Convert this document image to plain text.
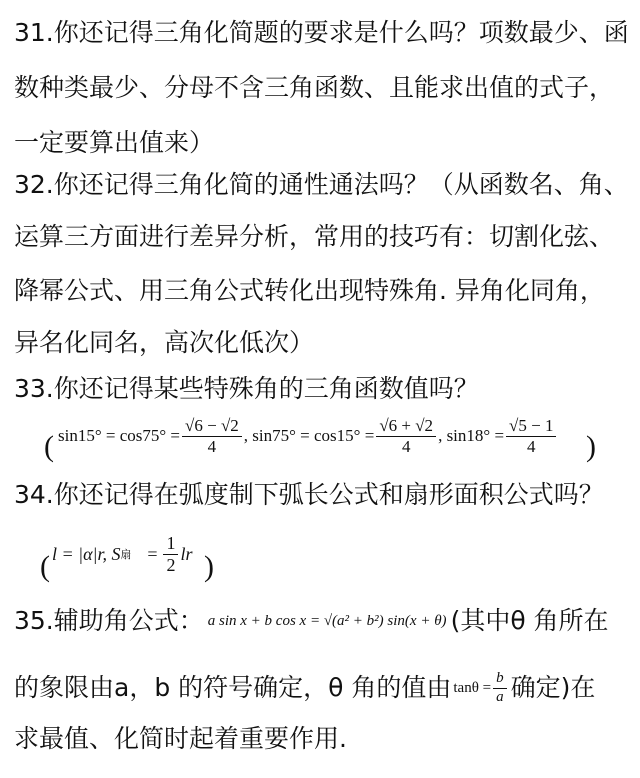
31.你还记得三角化简题的要求是什么吗？项数最少、函
数种类最少、分母不含三角函数、且能求出值的式子，
一定要算出值来）
32.你还记得三角化简的通性通法吗？（从函数名、角、
运算三方面进行差异分析，常用的技巧有：切割化弦、
降幂公式、用三角公式转化出现特殊角. 异角化同角，
异名化同名，高次化低次）
33.你还记得某些特殊角的三角函数值吗？
( $\sin 15^\circ = \cos 75^\circ = \frac{√6 - √2}{4}$ , $\sin 75^\circ = \cos 15^\circ = \frac{√6 + √2}{4}$ , $\sin 18^\circ = \frac{√5 - 1}{4}$ )
34.你还记得在弧度制下弧长公式和扇形面积公式吗？
( l = |α|r, S 扇 = $\frac{1}{2}$ lr )
35.辅助角公式： a sin x + b cos x = √(a² + b²) sin(x + θ) (其中θ 角所在
的象限由a，b 的符号确定，θ 角的值由 $\tan\theta = \frac{b}{a}$ 确定)在
求最值、化简时起着重要作用.
